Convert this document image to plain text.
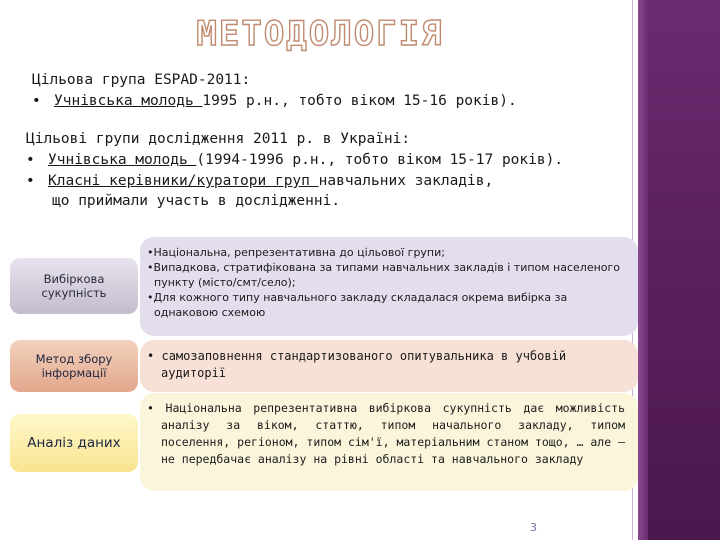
МЕТОДОЛОГІЯ
Цільова група ESPAD-2011:
• Учнівська молодь 1995 р.н., тобто віком 15-16 років).
Цільові групи дослідження 2011 р. в Україні:
• Учнівська молодь (1994-1996 р.н., тобто віком 15-17 років).
• Класні керівники/куратори груп навчальних закладів,
що приймали участь в дослідженні.
Вибіркова сукупність
•Національна, репрезентативна до цільової групи;
•Випадкова, стратифікована за типами навчальних закладів і типом населеного пункту (місто/смт/село);
•Для кожного типу навчального закладу складалася окрема вибірка за однаковою схемою
Метод збору інформації
• самозаповнення стандартизованого опитувальника в учбовій аудиторії
Аналіз даних
• Національна репрезентативна вибіркова сукупність дає можливість аналізу за віком, статтю, типом начального закладу, типом поселення, регіоном, типом сім'ї, матеріальним станом тощо, … але – не передбачає аналізу на рівні області та навчального закладу
3
